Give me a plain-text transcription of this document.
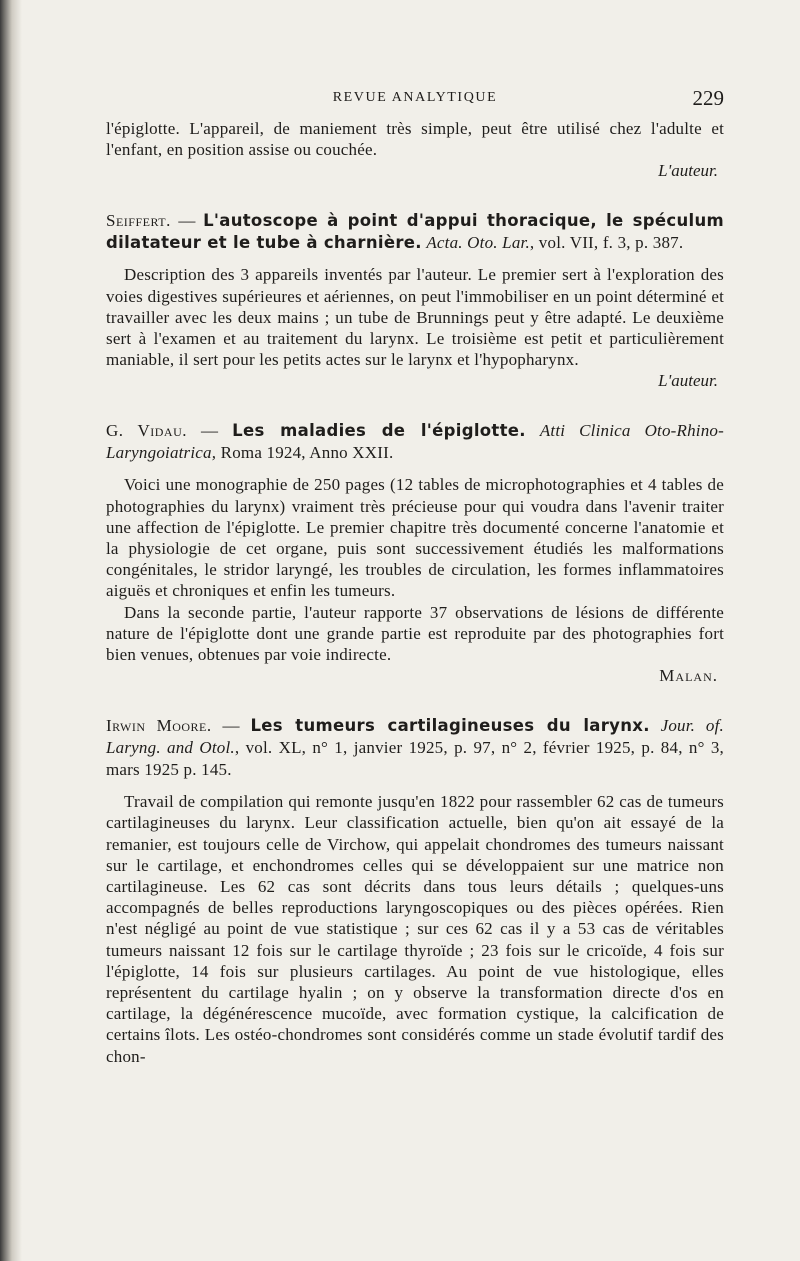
REVUE ANALYTIQUE	229

l'épiglotte. L'appareil, de maniement très simple, peut être utilisé chez l'adulte et l'enfant, en position assise ou couchée.

L'auteur.

Seiffert. — L'autoscope à point d'appui thoracique, le spéculum dilatateur et le tube à charnière. Acta. Oto. Lar., vol. VII, f. 3, p. 387.

Description des 3 appareils inventés par l'auteur. Le premier sert à l'exploration des voies digestives supérieures et aériennes, on peut l'immobiliser en un point déterminé et travailler avec les deux mains ; un tube de Brunnings peut y être adapté. Le deuxième sert à l'examen et au traitement du larynx. Le troisième est petit et particulièrement maniable, il sert pour les petits actes sur le larynx et l'hypopharynx.

L'auteur.

G. Vidau. — Les maladies de l'épiglotte. Atti Clinica Oto-Rhino-Laryngoiatrica, Roma 1924, Anno XXII.

Voici une monographie de 250 pages (12 tables de microphotographies et 4 tables de photographies du larynx) vraiment très précieuse pour qui voudra dans l'avenir traiter une affection de l'épiglotte. Le premier chapitre très documenté concerne l'anatomie et la physiologie de cet organe, puis sont successivement étudiés les malformations congénitales, le stridor laryngé, les troubles de circulation, les formes inflammatoires aiguës et chroniques et enfin les tumeurs.

Dans la seconde partie, l'auteur rapporte 37 observations de lésions de différente nature de l'épiglotte dont une grande partie est reproduite par des photographies fort bien venues, obtenues par voie indirecte.

Malan.

Irwin Moore. — Les tumeurs cartilagineuses du larynx. Jour. of. Laryng. and Otol., vol. XL, n° 1, janvier 1925, p. 97, n° 2, février 1925, p. 84, n° 3, mars 1925 p. 145.

Travail de compilation qui remonte jusqu'en 1822 pour rassembler 62 cas de tumeurs cartilagineuses du larynx. Leur classification actuelle, bien qu'on ait essayé de la remanier, est toujours celle de Virchow, qui appelait chondromes des tumeurs naissant sur le cartilage, et enchondromes celles qui se développaient sur une matrice non cartilagineuse. Les 62 cas sont décrits dans tous leurs détails ; quelques-uns accompagnés de belles reproductions laryngoscopiques ou des pièces opérées. Rien n'est négligé au point de vue statistique ; sur ces 62 cas il y a 53 cas de véritables tumeurs naissant 12 fois sur le cartilage thyroïde ; 23 fois sur le cricoïde, 4 fois sur l'épiglotte, 14 fois sur plusieurs cartilages. Au point de vue histologique, elles représentent du cartilage hyalin ; on y observe la transformation directe d'os en cartilage, la dégénérescence mucoïde, avec formation cystique, la calcification de certains îlots. Les ostéo-chondromes sont considérés comme un stade évolutif tardif des chon-
